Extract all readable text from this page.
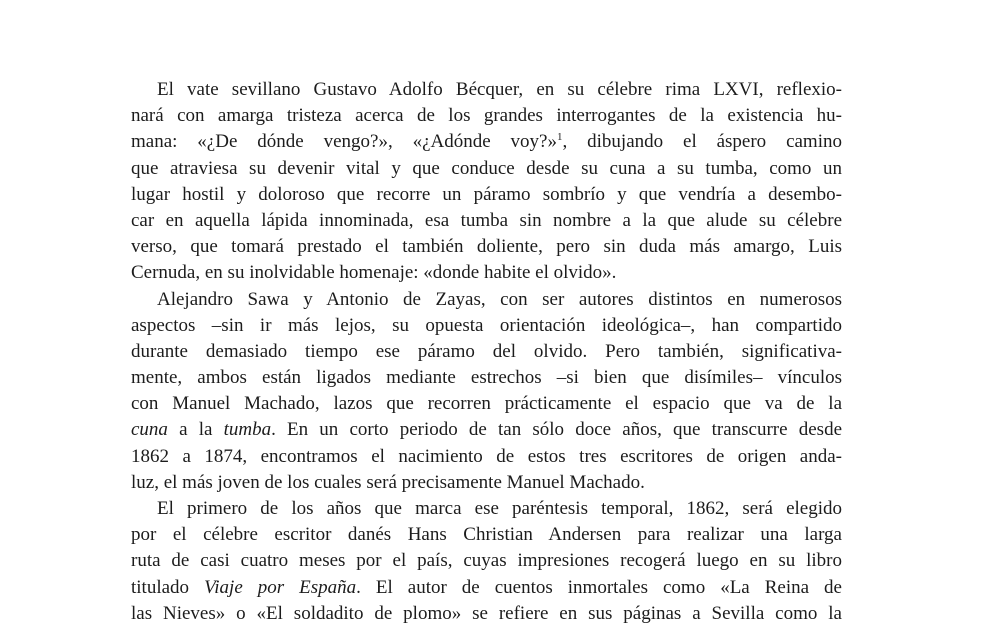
El vate sevillano Gustavo Adolfo Bécquer, en su célebre rima LXVI, reflexio-
nará con amarga tristeza acerca de los grandes interrogantes de la existencia hu-
mana: «¿De dónde vengo?», «¿Adónde voy?»$^1$, dibujando el áspero camino
que atraviesa su devenir vital y que conduce desde su cuna a su tumba, como un
lugar hostil y doloroso que recorre un páramo sombrío y que vendría a desembo-
car en aquella lápida innominada, esa tumba sin nombre a la que alude su célebre
verso, que tomará prestado el también doliente, pero sin duda más amargo, Luis
Cernuda, en su inolvidable homenaje: «donde habite el olvido».
Alejandro Sawa y Antonio de Zayas, con ser autores distintos en numerosos
aspectos –sin ir más lejos, su opuesta orientación ideológica–, han compartido
durante demasiado tiempo ese páramo del olvido. Pero también, significativa-
mente, ambos están ligados mediante estrechos –si bien que disímiles– vínculos
con Manuel Machado, lazos que recorren prácticamente el espacio que va de la
cuna a la tumba. En un corto periodo de tan sólo doce años, que transcurre desde
1862 a 1874, encontramos el nacimiento de estos tres escritores de origen anda-
luz, el más joven de los cuales será precisamente Manuel Machado.
El primero de los años que marca ese paréntesis temporal, 1862, será elegido
por el célebre escritor danés Hans Christian Andersen para realizar una larga
ruta de casi cuatro meses por el país, cuyas impresiones recogerá luego en su libro
titulado Viaje por España. El autor de cuentos inmortales como «La Reina de
las Nieves» o «El soldadito de plomo» se refiere en sus páginas a Sevilla como la
